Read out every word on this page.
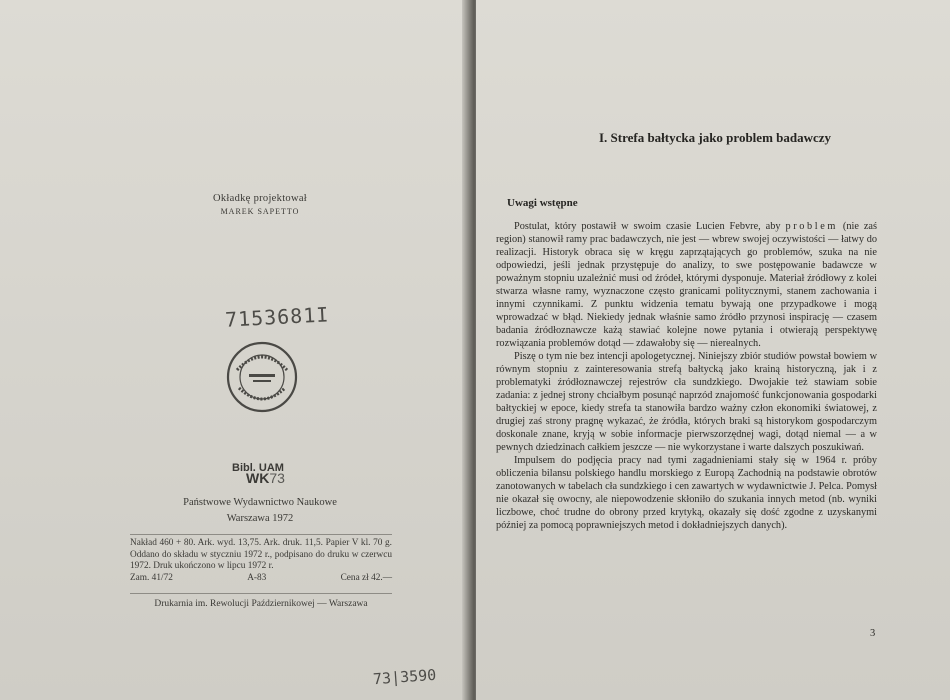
Okładkę projektował
MAREK SAPETTO
7153681I
Bibl. UAM
WK73
Państwowe Wydawnictwo Naukowe
Warszawa 1972

Nakład 460 + 80. Ark. wyd. 13,75. Ark. druk. 11,5. Papier V kl. 70 g. Oddano do składu w styczniu 1972 r., podpisano do druku w czerwcu 1972. Druk ukończono w lipcu 1972 r.

Zam. 41/72	A-83	Cena zł 42.—
Drukarnia im. Rewolucji Październikowej — Warszawa
73|3590
I. Strefa bałtycka jako problem badawczy
Uwagi wstępne

Postulat, który postawił w swoim czasie Lucien Febvre, aby problem (nie zaś region) stanowił ramy prac badawczych, nie jest — wbrew swojej oczywistości — łatwy do realizacji. Historyk obraca się w kręgu zaprzątających go problemów, szuka na nie odpowiedzi, jeśli jednak przystępuje do analizy, to swe postępowanie badawcze w poważnym stopniu uzależnić musi od źródeł, którymi dysponuje. Materiał źródłowy z kolei stwarza własne ramy, wyznaczone często granicami politycznymi, stanem zachowania i innymi czynnikami. Z punktu widzenia tematu bywają one przypadkowe i mogą wprowadzać w błąd. Niekiedy jednak właśnie samo źródło przynosi inspirację — czasem badania źródłoznawcze każą stawiać kolejne nowe pytania i otwierają perspektywę rozwiązania problemów dotąd — zdawałoby się — nierealnych.

Piszę o tym nie bez intencji apologetycznej. Niniejszy zbiór studiów powstał bowiem w równym stopniu z zainteresowania strefą bałtycką jako krainą historyczną, jak i z problematyki źródłoznawczej rejestrów cła sundzkiego. Dwojakie też stawiam sobie zadania: z jednej strony chciałbym posunąć naprzód znajomość funkcjonowania gospodarki bałtyckiej w epoce, kiedy strefa ta stanowiła bardzo ważny człon ekonomiki światowej, z drugiej zaś strony pragnę wykazać, że źródła, których braki są historykom gospodarczym doskonale znane, kryją w sobie informacje pierwszorzędnej wagi, dotąd niemal — a w pewnych dziedzinach całkiem jeszcze — nie wykorzystane i warte dalszych poszukiwań.

Impulsem do podjęcia pracy nad tymi zagadnieniami stały się w 1964 r. próby obliczenia bilansu polskiego handlu morskiego z Europą Zachodnią na podstawie obrotów zanotowanych w tabelach cła sundzkiego i cen zawartych w wydawnictwie J. Pelca. Pomysł nie okazał się owocny, ale niepowodzenie skłoniło do szukania innych metod (nb. wyniki liczbowe, choć trudne do obrony przed krytyką, okazały się dość zgodne z uzyskanymi później za pomocą poprawniejszych metod i dokładniejszych danych).

3
